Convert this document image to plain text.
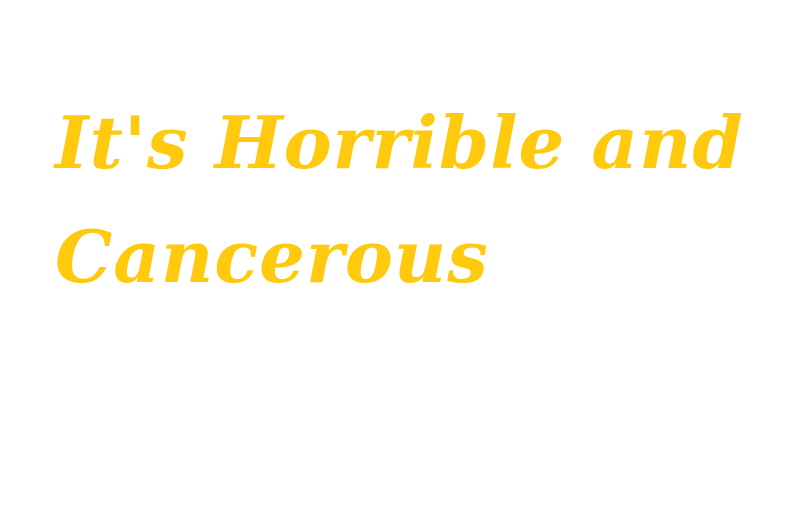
It's Horrible and
Cancerous
